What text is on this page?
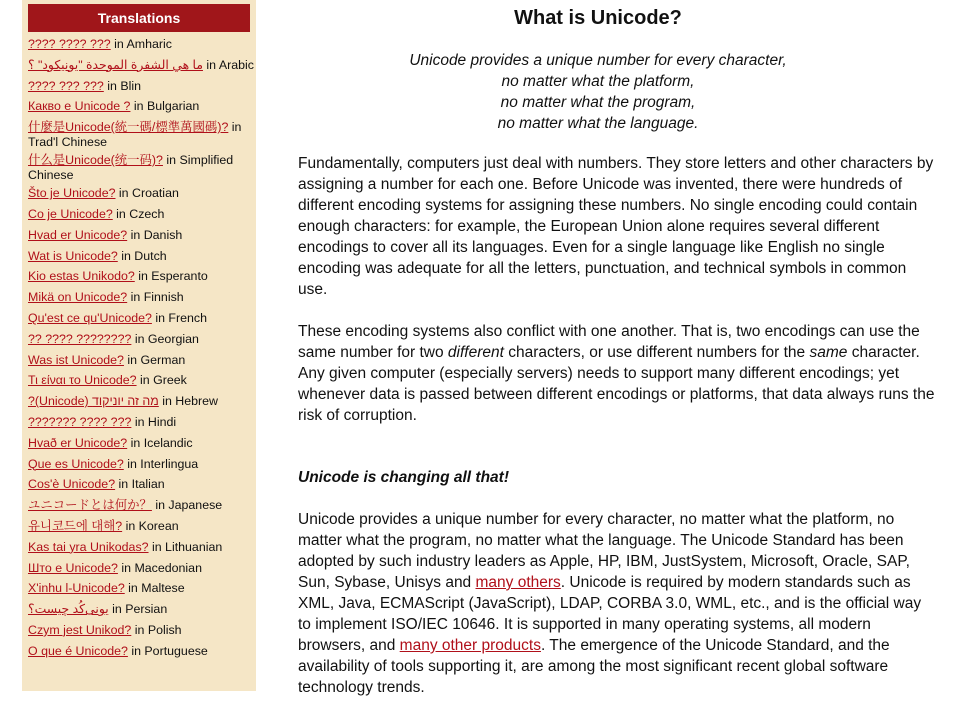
Translations
???? ???? ??? in Amharic
ما هي الشفرة الموحدة "يونيكود" ؟ in Arabic
???? ??? ??? in Blin
Какво е Unicode ? in Bulgarian
什麼是Unicode(統一碼/標準萬國碼)? in Trad'l Chinese
什么是Unicode(统一码)? in Simplified Chinese
Što je Unicode? in Croatian
Co je Unicode? in Czech
Hvad er Unicode? in Danish
Wat is Unicode? in Dutch
Kio estas Unikodo? in Esperanto
Mikä on Unicode? in Finnish
Qu'est ce qu'Unicode? in French
?? ???? ???????? in Georgian
Was ist Unicode? in German
Τι είναι το Unicode? in Greek
?(Unicode) מה זה יוניקוד in Hebrew
??????? ???? ??? in Hindi
Hvað er Unicode? in Icelandic
Que es Unicode? in Interlingua
Cos'è Unicode? in Italian
ユニコードとは何か？ in Japanese
유니코드에 대해? in Korean
Kas tai yra Unikodas? in Lithuanian
Што е Unicode? in Macedonian
X'inhu l-Unicode? in Maltese
یونی‌کُد چیست؟ in Persian
Czym jest Unikod? in Polish
O que é Unicode? in Portuguese
What is Unicode?
Unicode provides a unique number for every character,
no matter what the platform,
no matter what the program,
no matter what the language.

Fundamentally, computers just deal with numbers. They store letters and other characters by assigning a number for each one. Before Unicode was invented, there were hundreds of different encoding systems for assigning these numbers. No single encoding could contain enough characters: for example, the European Union alone requires several different encodings to cover all its languages. Even for a single language like English no single encoding was adequate for all the letters, punctuation, and technical symbols in common use.

These encoding systems also conflict with one another. That is, two encodings can use the same number for two different characters, or use different numbers for the same character. Any given computer (especially servers) needs to support many different encodings; yet whenever data is passed between different encodings or platforms, that data always runs the risk of corruption.

Unicode is changing all that!

Unicode provides a unique number for every character, no matter what the platform, no matter what the program, no matter what the language. The Unicode Standard has been adopted by such industry leaders as Apple, HP, IBM, JustSystem, Microsoft, Oracle, SAP, Sun, Sybase, Unisys and many others. Unicode is required by modern standards such as XML, Java, ECMAScript (JavaScript), LDAP, CORBA 3.0, WML, etc., and is the official way to implement ISO/IEC 10646. It is supported in many operating systems, all modern browsers, and many other products. The emergence of the Unicode Standard, and the availability of tools supporting it, are among the most significant recent global software technology trends.
